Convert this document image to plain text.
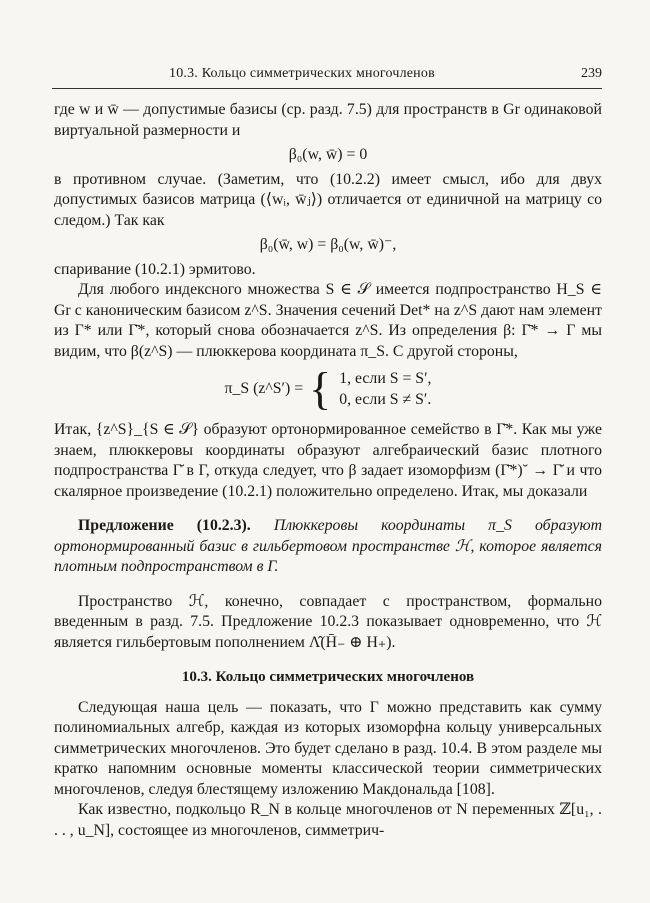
10.3. Кольцо симметрических многочленов	239

где w и w̄ — допустимые базисы (ср. разд. 7.5) для пространств в Gr одинаковой виртуальной размерности и

β₀(w, w̄) = 0

в противном случае. (Заметим, что (10.2.2) имеет смысл, ибо для двух допустимых базисов матрица (⟨wᵢ, w̄ⱼ⟩) отличается от единичной на матрицу со следом.) Так как

β₀(w̄, w) = β₀(w, w̄)⁻,

спаривание (10.2.1) эрмитово.

Для любого индексного множества S ∈ 𝒮 имеется подпространство H_S ∈ Gr с каноническим базисом z^S. Значения сечений Det* на z^S дают нам элемент из Γ* или Γ̄*, который снова обозначается z^S. Из определения β: Γ̄* → Γ мы видим, что β(z^S) — плюккерова координата π_S. С другой стороны,

π_S (z^S′) = { 1, если S = S′,
0, если S ≠ S′.

Итак, {z^S}_{S ∈ 𝒮} образуют ортонормированное семейство в Γ̄*. Как мы уже знаем, плюккеровы координаты образуют алгебраический базис плотного подпространства Γ̆ в Γ, откуда следует, что β задает изоморфизм (Γ̄*)˘ → Γ̆ и что скалярное произведение (10.2.1) положительно определено. Итак, мы доказали

Предложение (10.2.3). Плюккеровы координаты π_S образуют ортонормированный базис в гильбертовом пространстве ℋ, которое является плотным подпространством в Γ.

Пространство ℋ, конечно, совпадает с пространством, формально введенным в разд. 7.5. Предложение 10.2.3 показывает одновременно, что ℋ является гильбертовым пополнением Λ̂(H̄₋ ⊕ H₊).

10.3. Кольцо симметрических многочленов

Следующая наша цель — показать, что Γ можно представить как сумму полиномиальных алгебр, каждая из которых изоморфна кольцу универсальных симметрических многочленов. Это будет сделано в разд. 10.4. В этом разделе мы кратко напомним основные моменты классической теории симметрических многочленов, следуя блестящему изложению Макдональда [108].

Как известно, подкольцо R_N в кольце многочленов от N переменных ℤ[u₁, . . . , u_N], состоящее из многочленов, симметрич-
